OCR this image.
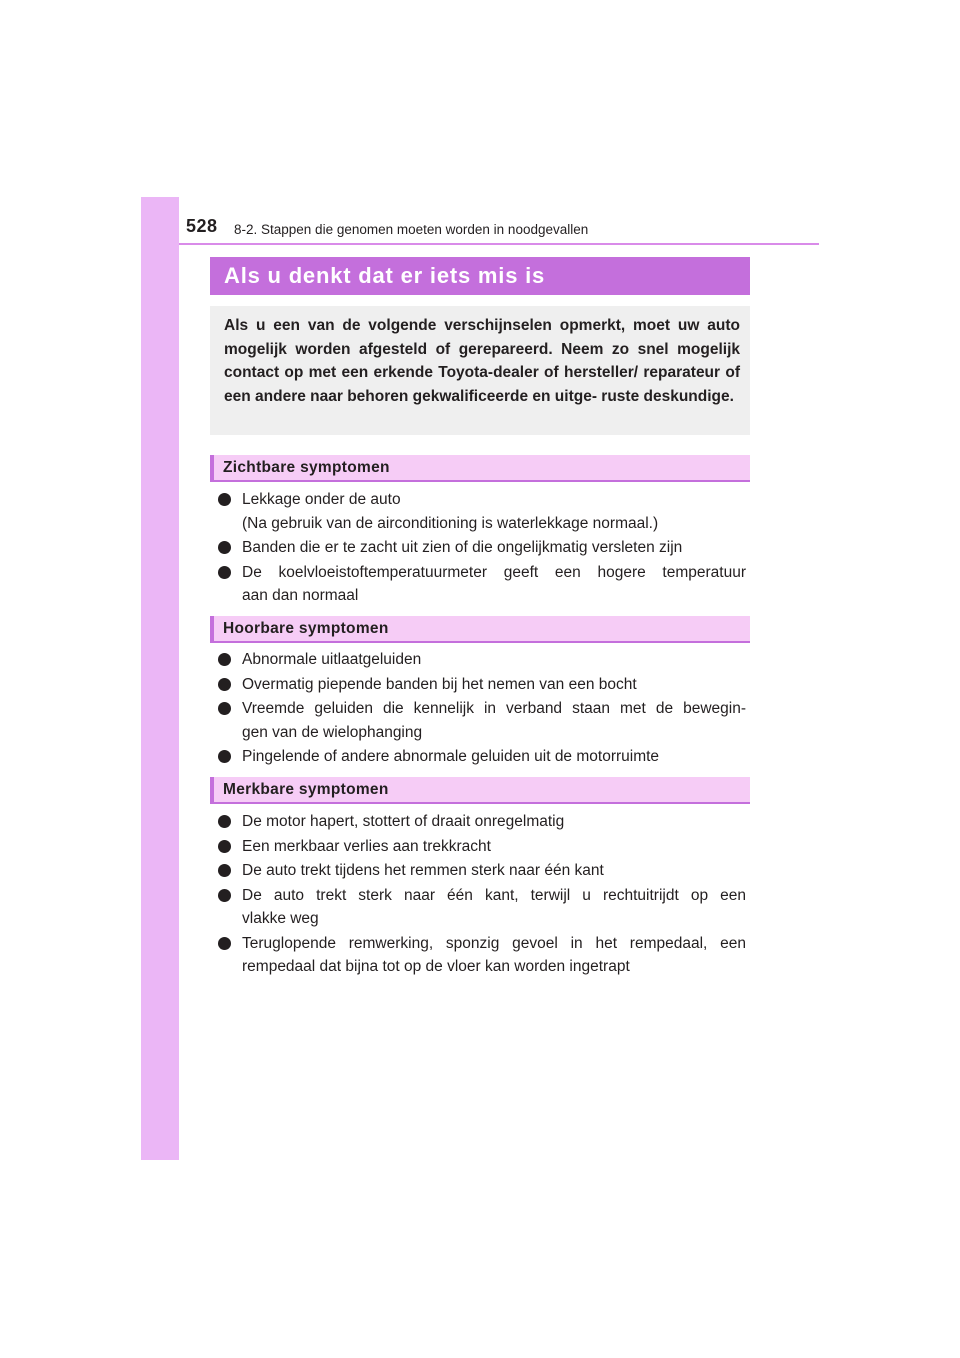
528 8-2. Stappen die genomen moeten worden in noodgevallen
Als u denkt dat er iets mis is
Als u een van de volgende verschijnselen opmerkt, moet uw auto mogelijk worden afgesteld of gerepareerd. Neem zo snel mogelijk contact op met een erkende Toyota-dealer of hersteller/ reparateur of een andere naar behoren gekwalificeerde en uitge- ruste deskundige.
Zichtbare symptomen
Lekkage onder de auto
(Na gebruik van de airconditioning is waterlekkage normaal.)
Banden die er te zacht uit zien of die ongelijkmatig versleten zijn
De koelvloeistoftemperatuurmeter geeft een hogere temperatuur
aan dan normaal
Hoorbare symptomen
Abnormale uitlaatgeluiden
Overmatig piepende banden bij het nemen van een bocht
Vreemde geluiden die kennelijk in verband staan met de bewegin-
gen van de wielophanging
Pingelende of andere abnormale geluiden uit de motorruimte
Merkbare symptomen
De motor hapert, stottert of draait onregelmatig
Een merkbaar verlies aan trekkracht
De auto trekt tijdens het remmen sterk naar één kant
De auto trekt sterk naar één kant, terwijl u rechtuitrijdt op een
vlakke weg
Teruglopende remwerking, sponzig gevoel in het rempedaal, een
rempedaal dat bijna tot op de vloer kan worden ingetrapt
